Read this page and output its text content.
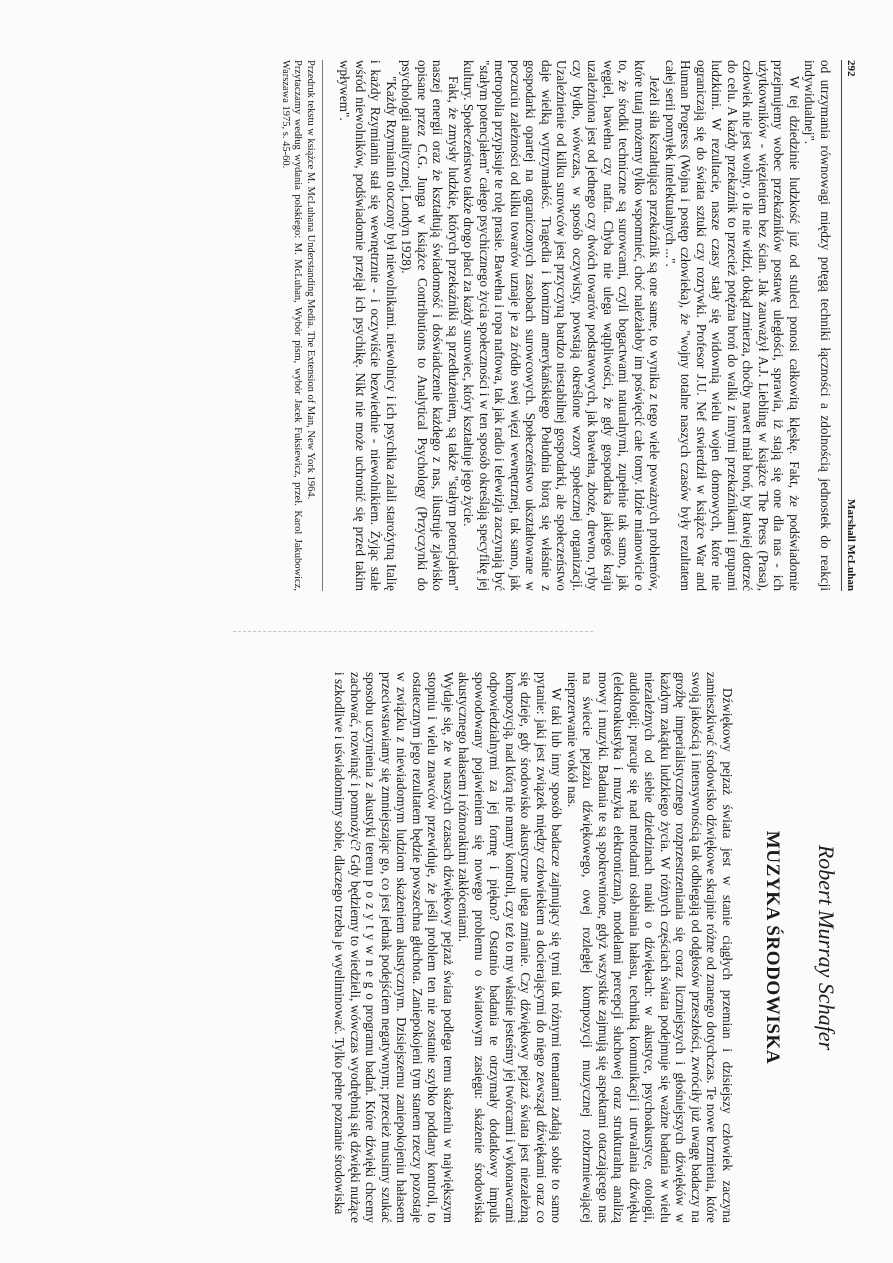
292
Marshall McLuhan

od utrzymania równowagi między potęgą techniki łączności a zdolnością jednostek do reakcji indywidualnej".

W tej dziedzinie ludzkość już od stuleci ponosi całkowitą klęskę. Fakt, że podświadomie przejmujemy wobec przekaźników postawę uległości, sprawia, iż stają się one dla nas - ich użytkowników - więzieniem bez ścian. Jak zauważył A.J. Liebling w książce The Press (Prasa), człowiek nie jest wolny, o ile nie widzi, dokąd zmierza, choćby nawet miał broń, by łatwiej dotrzeć do celu. A każdy przekaźnik to przecież potężna broń do walki z innymi przekaźnikami i grupami ludzkimi. W rezultacie, nasze czasy stały się widownią wielu wojen domowych, które nie ograniczają się do świata sztuki czy rozrywki. Profesor J.U. Nef stwierdził w książce War and Human Progress (Wojna i postęp człowieka), że "wojny totalne naszych czasów były rezultatem całej serii pomyłek intelektualnych ...".

Jeżeli siła kształtująca przekaźnik są one same, to wynika z tego wiele poważnych problemów, które tutaj możemy tylko wspomnieć, choć należałoby im poświęcić całe tomy. Idzie mianowicie o to, że środki techniczne są surowcami, czyli bogactwami naturalnymi, zupełnie tak samo, jak węgiel, bawełna czy nafta. Chyba nie ulega wątpliwości, że gdy gospodarka jakiegoś kraju uzależniona jest od jednego czy dwóch towarów podstawowych, jak bawełna, zboże, drewno, ryby czy bydło, wówczas, w sposób oczywisty, powstają określone wzory społecznej organizacji. Uzależnienie od kilku surowców jest przyczyną bardzo niestabilnej gospodarki, ale społeczeństwo daje wielką wytrzymałość. Tragedia i komizm amerykańskiego Południa biorą się właśnie z gospodarki opartej na ograniczonych zasobach surowcowych. Społeczeństwo ukształtowane w poczuciu zależności od kilku towarów uznaje je za źródło swej więzi wewnętrznej, tak samo, jak metropolia przypisuje te rolę prasie. Bawełna i ropa naftowa, tak jak radio i telewizja zaczynają być "stałym potencjałem" całego psychicznego życia społeczności i w ten sposób określają specyfikę jej kultury. Społeczeństwo także drogo płaci za każdy surowiec, który kształtuje jego życie.

Fakt, że zmysły ludzkie, których przekaźniki są przedłużeniem, są także "stałym potencjałem" naszej energii oraz że kształtują świadomość i doświadczenie każdego z nas, ilustruje zjawisko opisane przez C.G. Junga w książce Contributions to Analytical Psychology (Przyczynki do psychologii analitycznej, Londyn 1928).

"Każdy Rzymianin otoczony był niewolnikami. niewolnicy i ich psychika zalali starożytną Italię i każdy Rzymianin stał się wewnętrznie - i oczywiście bezwiednie - niewolnikiem. Żyjąc stale wśród niewolników, podświadomie przejął ich psychikę. Nikt nie może uchronić się przed takim wpływem".

Przedruk tekstu w książce M. McLuhana Understanding Media. The Extension of Man, New York 1964.

Przytaczamy według wydania polskiego: M. McLuhan, Wybór pism, wybór Jacek Fuksiewicz, przeł. Karol Jakubowicz, Warszawa 1975, s. 45-60.

Robert Murray Schafer
MUZYKA ŚRODOWISKA

Dźwiękowy pejzaż świata jest w stanie ciągłych przemian i dzisiejszy człowiek zaczyna zamieszkiwać środowisko dźwiękowe skrajnie różne od znanego dotychczas. Te nowe brzmienia, które swoją jakością i intensywnością tak odbiegają od odgłosów przeszłości, zwróciły już uwagę badaczy na groźbę imperialistycznego rozprzestrzeniania się coraz liczniejszych i głośniejszych dźwięków w każdym zakątku ludzkiego życia. W różnych częściach świata podejmuje się ważne badania w wielu niezależnych od siebie dziedzinach nauki o dźwiękach: w akustyce, psychoakustyce, otologii, audiologii; pracuje się nad metodami osłabiania hałasu, techniką komunikacji i utrwalania dźwięku (elektroakustyka i muzyka elektroniczna), modelami percepcji słuchowej oraz strukturalną analizą mowy i muzyki. Badania te są spokrewnione, gdyż wszystkie zajmują się aspektami otaczającego nas na świecie pejzażu dźwiękowego, owej rozległej kompozycji muzycznej rozbrzmiewającej nieprzerwanie wokół nas.

W taki lub inny sposób badacze zajmujący się tymi tak różnymi tematami zadają sobie to samo pytanie: jaki jest związek między człowiekiem a docierającymi do niego zewsząd dźwiękami oraz co się dzieje, gdy środowisko akustyczne ulega zmianie. Czy dźwiękowy pejzaż świata jest niezależną kompozycją, nad którą nie mamy kontroli, czy też to my właśnie jesteśmy jej twórcami i wykonawcami odpowiedzialnymi za jej formę i piękno? Ostatnio badania te otrzymały dodatkowy impuls spowodowany pojawieniem się nowego problemu o światowym zasięgu: skażenie środowiska akustycznego hałasem i różnorakimi zakłóceniami.

Wydaje się, że w naszych czasach dźwiękowy pejzaż świata podlega temu skażeniu w największym stopniu i wielu znawców przewiduje, że jeśli problem ten nie zostanie szybko poddany kontroli, to ostatecznym jego rezultatem będzie powszechna głuchota. Zaniepokojeni tym stanem rzeczy pozostaje w związku z niewiadomym ludziom skażeniem akustycznym. Dzisiejszemu zaniepokojeniu hałasem przeciwstawiamy się zmniejszając go, co jest jednak podejściem negatywnym; przecież musimy szukać sposobu uczynienia z akustyki terenu p o z y t y w n e g o programu badań. Które dźwięki chcemy zachować, rozwinąć i pomnożyć? Gdy będziemy to wiedzieli, wówczas wyodrębnią się dźwięki nużące i szkodliwe i uświadomimy sobie, dlaczego trzeba je wyeliminować. Tylko pełne poznanie środowiska
